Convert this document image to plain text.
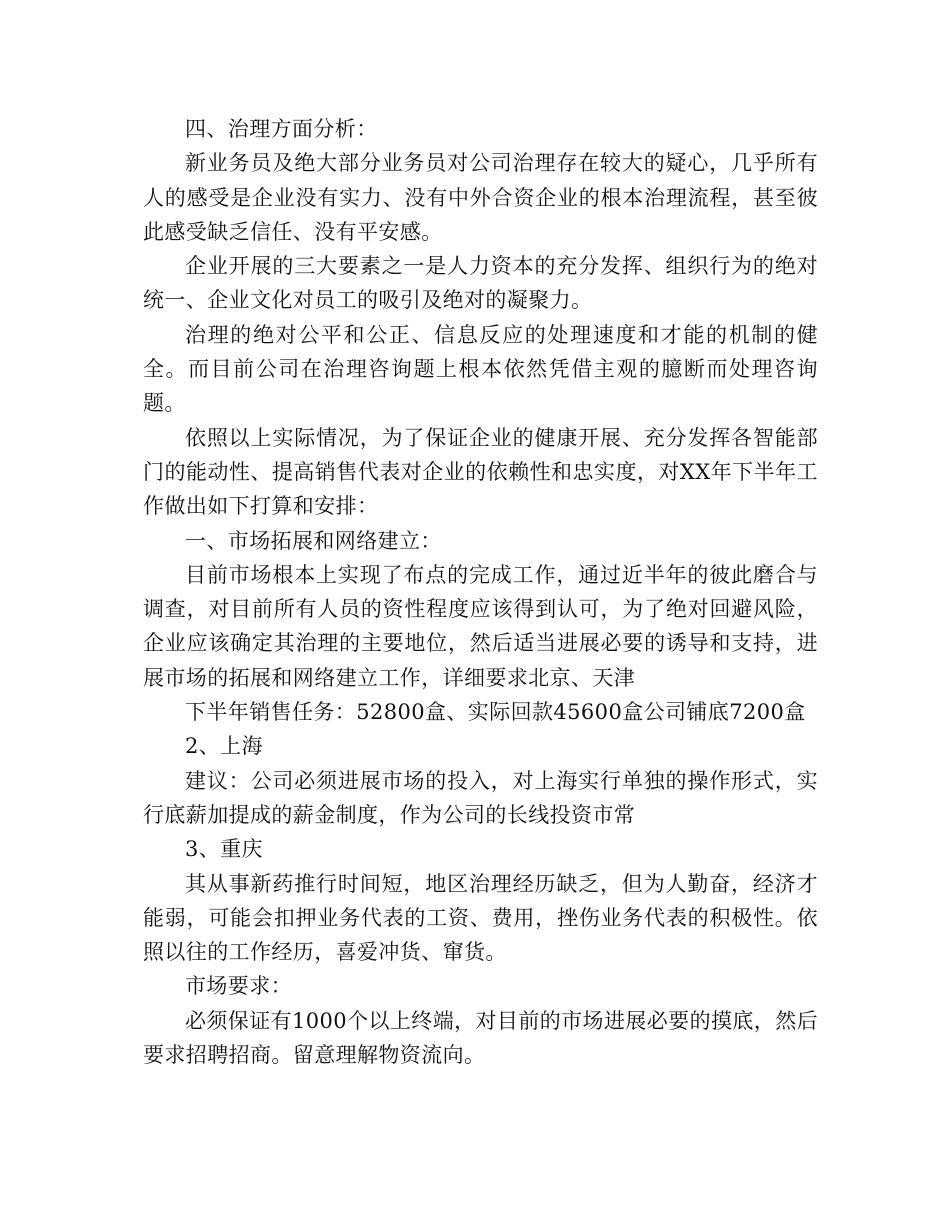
四、治理方面分析：

新业务员及绝大部分业务员对公司治理存在较大的疑心，几乎所有人的感受是企业没有实力、没有中外合资企业的根本治理流程，甚至彼此感受缺乏信任、没有平安感。

企业开展的三大要素之一是人力资本的充分发挥、组织行为的绝对统一、企业文化对员工的吸引及绝对的凝聚力。

治理的绝对公平和公正、信息反应的处理速度和才能的机制的健全。而目前公司在治理咨询题上根本依然凭借主观的臆断而处理咨询题。

依照以上实际情况，为了保证企业的健康开展、充分发挥各智能部门的能动性、提高销售代表对企业的依赖性和忠实度，对XX年下半年工作做出如下打算和安排：

一、市场拓展和网络建立：

目前市场根本上实现了布点的完成工作，通过近半年的彼此磨合与调查，对目前所有人员的资性程度应该得到认可，为了绝对回避风险，企业应该确定其治理的主要地位，然后适当进展必要的诱导和支持，进展市场的拓展和网络建立工作，详细要求北京、天津

下半年销售任务：52800盒、实际回款45600盒公司铺底7200盒

2、上海

建议：公司必须进展市场的投入，对上海实行单独的操作形式，实行底薪加提成的薪金制度，作为公司的长线投资市常

3、重庆

其从事新药推行时间短，地区治理经历缺乏，但为人勤奋，经济才能弱，可能会扣押业务代表的工资、费用，挫伤业务代表的积极性。依照以往的工作经历，喜爱冲货、窜货。

市场要求：

必须保证有1000个以上终端，对目前的市场进展必要的摸底，然后要求招聘招商。留意理解物资流向。
